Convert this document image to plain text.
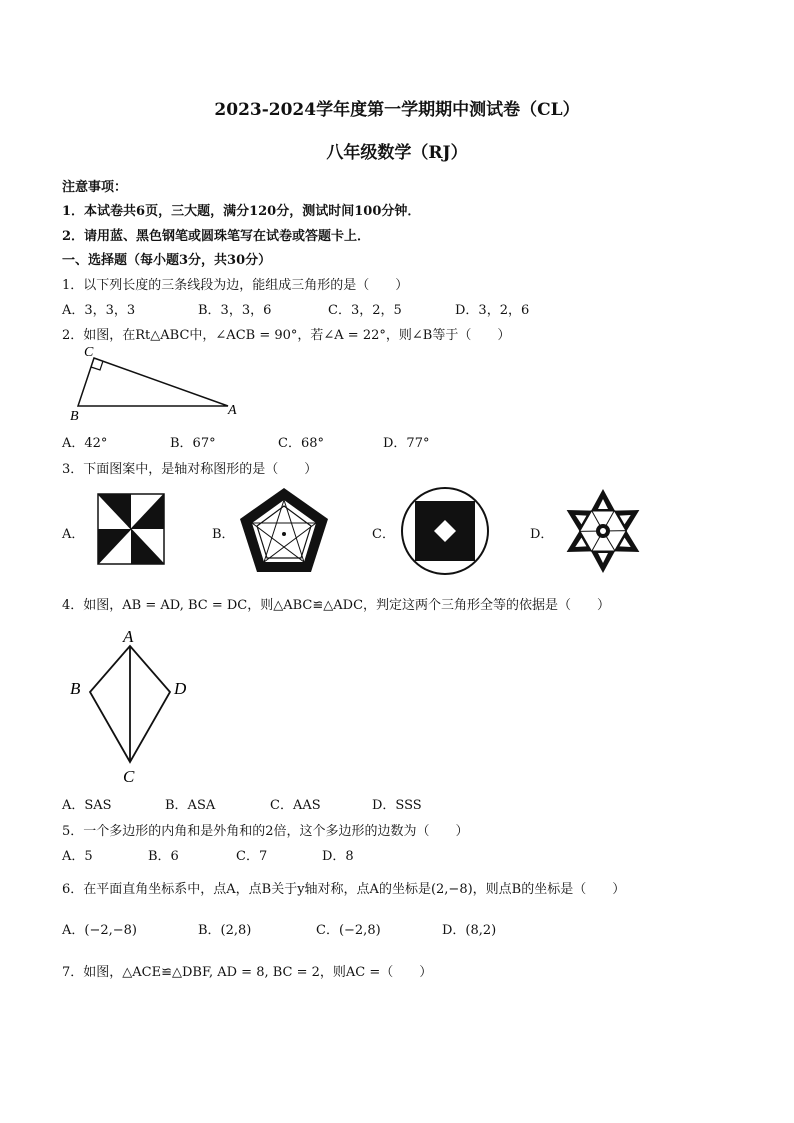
2023-2024学年度第一学期期中测试卷（CL）
八年级数学（RJ）
注意事项：
1．本试卷共6页，三大题，满分120分，测试时间100分钟．
2．请用蓝、黑色钢笔或圆珠笔写在试卷或答题卡上．
一、选择题（每小题3分，共30分）
1．以下列长度的三条线段为边，能组成三角形的是（　　）
A．3，3，3	B．3，3，6	C．3，2，5	D．3，2，6
2．如图，在Rt△ABC中，∠ACB = 90°，若∠A = 22°，则∠B等于（　　）
C
B	A
A．42°	B．67°	C．68°	D．77°
3．下面图案中，是轴对称图形的是（　　）
A．	B．	C．	D．
4．如图，AB = AD, BC = DC，则△ABC≌△ADC，判定这两个三角形全等的依据是（　　）
A
B	D
C
A．SAS	B．ASA	C．AAS	D．SSS
5．一个多边形的内角和是外角和的2倍，这个多边形的边数为（　　）
A．5	B．6	C．7	D．8
6．在平面直角坐标系中，点A，点B关于y轴对称，点A的坐标是(2,−8)，则点B的坐标是（　　）
A．(−2,−8)	B．(2,8)	C．(−2,8)	D．(8,2)
7．如图，△ACE≌△DBF, AD = 8, BC = 2，则AC =（　　）
